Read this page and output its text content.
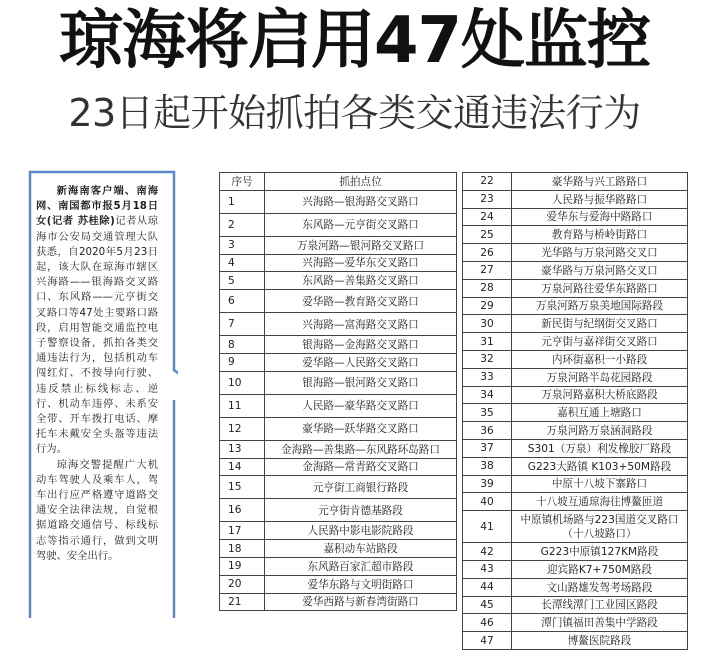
琼海将启用47处监控
23日起开始抓拍各类交通违法行为

新海南客户端、南海网、南国都市报5月18日女(记者 苏桂除)记者从琼海市公安局交通管理大队获悉，自2020年5月23日起，该大队在琼海市辖区兴海路——银海路交叉路口、东风路——元亨街交叉路口等47处主要路口路段，启用智能交通监控电子警察设备，抓拍各类交通违法行为，包括机动车闯红灯、不按导向行驶、违反禁止标线标志、逆行、机动车违停、未系安全带、开车拨打电话、摩托车未戴安全头盔等违法行为。

琼海交警提醒广大机动车驾驶人及乘车人，驾车出行应严格遵守道路交通安全法律法规，自觉根据道路交通信号、标线标志等指示通行，做到文明驾驶、安全出行。

序号	抓拍点位
1	兴海路—银海路交叉路口
2	东风路—元亨街交叉路口
3	万泉河路—银河路交叉路口
4	兴海路—爱华东交叉路口
5	东风路—善集路交叉路口
6	爱华路—教育路交叉路口
7	兴海路—富海路交叉路口
8	银海路—金海路交叉路口
9	爱华路—人民路交叉路口
10	银海路—银河路交叉路口
11	人民路—豪华路交叉路口
12	豪华路—跃华路交叉路口
13	金海路—善集路—东风路环岛路口
14	金海路—常青路交叉路口
15	元亨街工商银行路段
16	元亨街肯德基路段
17	人民路中影电影院路段
18	嘉积动车站路段
19	东风路百家汇超市路段
20	爱华东路与文明街路口
21	爱华西路与新春湾街路口
22	豪华路与兴工路路口
23	人民路与振华路路口
24	爱华东与爱海中路路口
25	教育路与桥岭街路口
26	光华路与万泉河路交叉口
27	豪华路与万泉河路交叉口
28	万泉河路往爱华东路路口
29	万泉河路万泉美地国际路段
30	新民街与纪纲街交叉路口
31	元亨街与嘉祥街交叉路口
32	内环街嘉积一小路段
33	万泉河路半岛花园路段
34	万泉河路嘉积大桥底路段
35	嘉积互通上塘路口
36	万泉河路万泉涵洞路段
37	S301（万泉）利发橡胶厂路段
38	G223大路镇 K103+50M路段
39	中原十八坡下寨路口
40	十八坡互通琼海往博鳌匝道
41	中原镇机场路与223国道交叉路口
（十八坡路口）

42	G223中原镇127KM路段
43	迎宾路K7+750M路段
44	文山路雄发驾考场路段
45	长潭线潭门工业园区路段
46	潭门镇福田善集中学路段
47	博鳌医院路段
